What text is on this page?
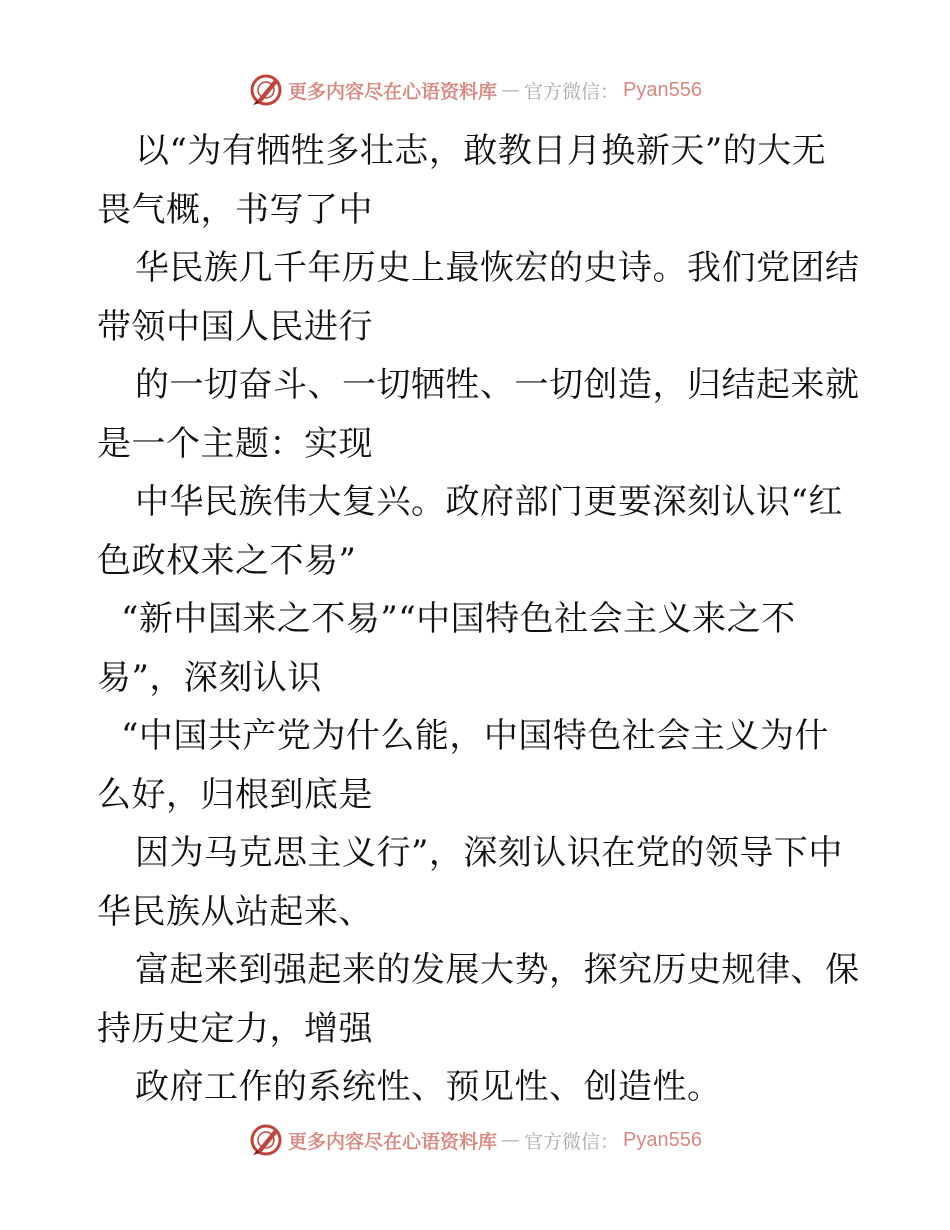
更多内容尽在心语资料库 — 官方微信： Pyan556
以“为有牺牲多壮志，敢教日月换新天”的大无
畏气概，书写了中
华民族几千年历史上最恢宏的史诗。我们党团结
带领中国人民进行
的一切奋斗、一切牺牲、一切创造，归结起来就
是一个主题：实现
中华民族伟大复兴。政府部门更要深刻认识“红
色政权来之不易”
“新中国来之不易”“中国特色社会主义来之不
易”，深刻认识
“中国共产党为什么能，中国特色社会主义为什
么好，归根到底是
因为马克思主义行”，深刻认识在党的领导下中
华民族从站起来、
富起来到强起来的发展大势，探究历史规律、保
持历史定力，增强
政府工作的系统性、预见性、创造性。
更多内容尽在心语资料库 — 官方微信： Pyan556
